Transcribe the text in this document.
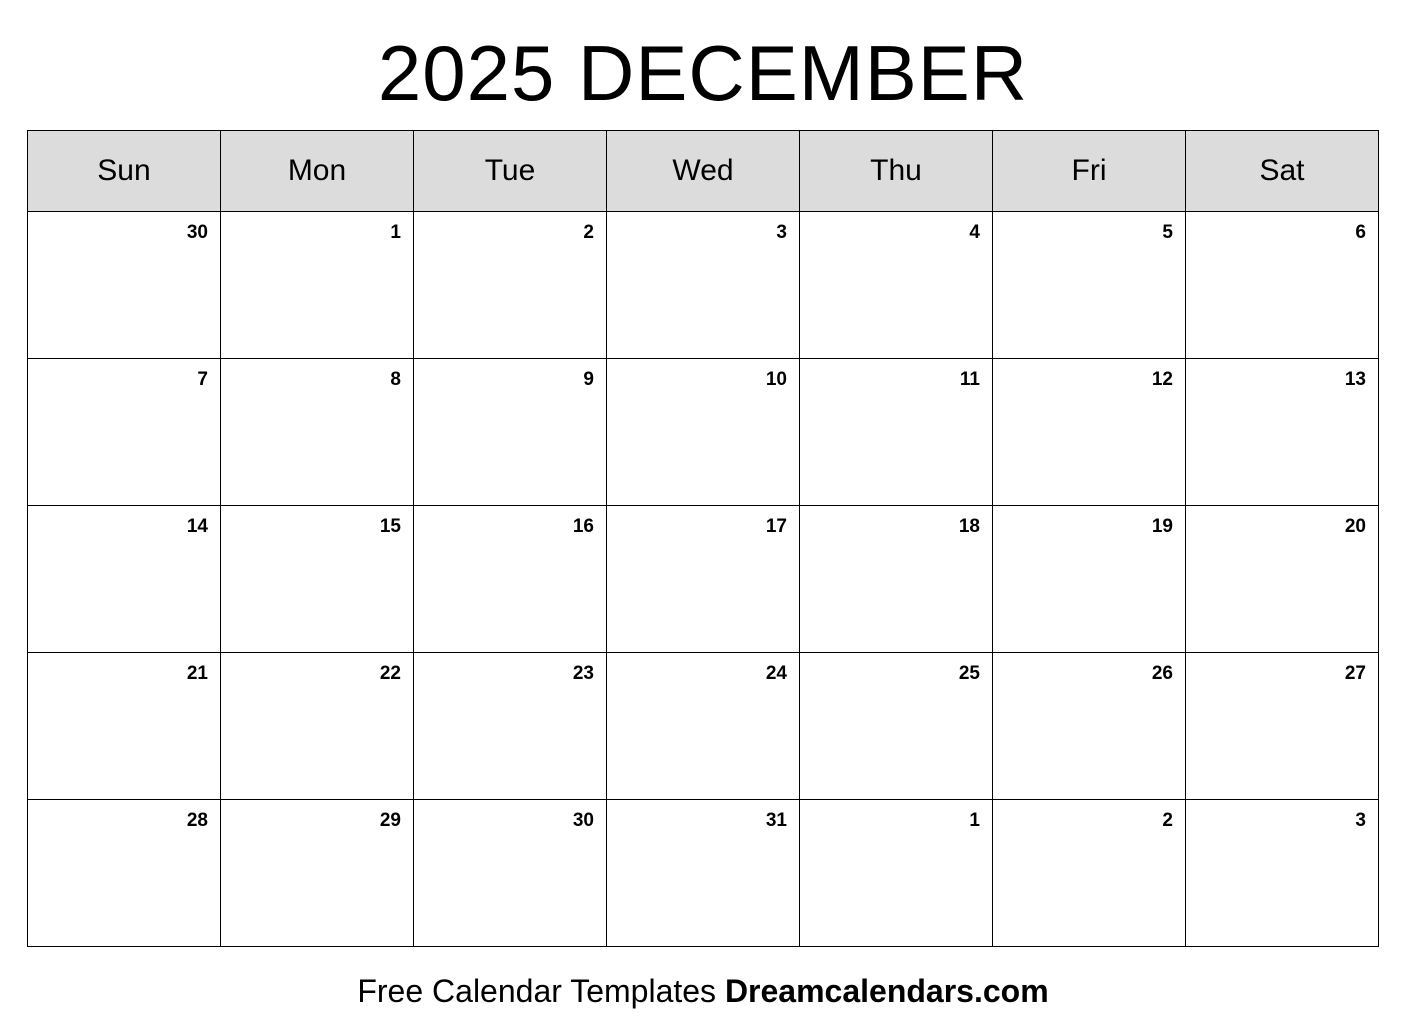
2025 DECEMBER
Sun	Mon	Tue	Wed	Thu	Fri	Sat
30	1	2	3	4	5	6
7	8	9	10	11	12	13
14	15	16	17	18	19	20
21	22	23	24	25	26	27
28	29	30	31	1	2	3
Free Calendar Templates Dreamcalendars.com
